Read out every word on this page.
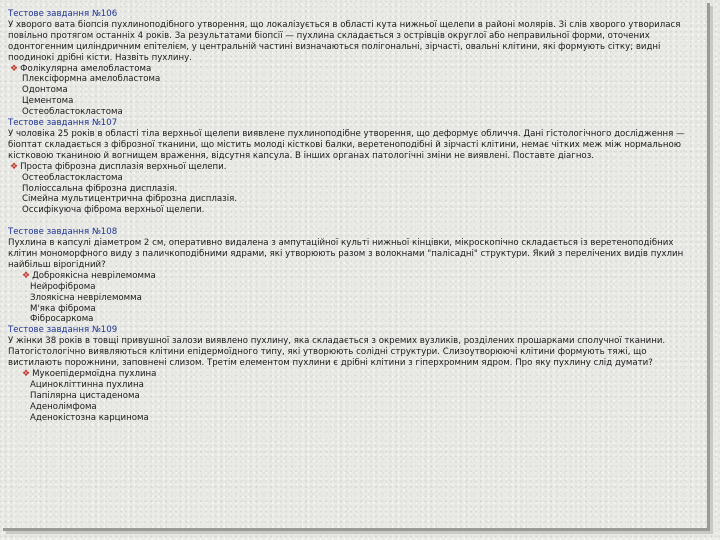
Тестове завдання №106

У хворого вата біопсія пухлиноподібного утворення, що локалізується в області кута нижньої щелепи в районі молярів. Зі слів хворого утворилася повільно протягом останніх 4 років. За результатами біопсії — пухлина складається з острівців округлої або неправильної форми, оточених одонтогенним циліндричним епітелієм, у центральній частині визначаються полігональні, зірчасті, овальні клітини, які формують сітку; видні поодинокі дрібні кісти. Назвіть пухлину.

❖ Фолікулярна амелобластома
Плексіформна амелобластома
Одонтома
Цементома
Остеобластокластома
Тестове завдання №107

У чоловіка 25 років в області тіла верхньої щелепи виявлене пухлиноподібне утворення, що деформує обличчя. Дані гістологічного дослідження — біоптат складається з фіброзної тканини, що містить молоді кісткові балки, веретеноподібні й зірчасті клітини, немає чітких меж між нормальною кістковою тканиною й вогнищем враження, відсутня капсула. В інших органах патологічні зміни не виявлені. Поставте діагноз.

❖ Проста фіброзна дисплазія верхньої щелепи.
Остеобластокластома
Поліоссальна фіброзна дисплазія.
Сімейна мультицентрична фіброзна дисплазія.
Оссифікуюча фіброма верхньої щелепи.
Тестове завдання №108

Пухлина в капсулі діаметром 2 см, оперативно видалена з ампутаційної культі нижньої кінцівки, мікроскопічно складається із веретеноподібних клітин мономорфного виду з паличкоподібними ядрами, які утворюють разом з волокнами "палісадні" структури. Який з перелічених видів пухлин найбільш вірогідний?

❖ Доброякісна неврілемомма
Нейрофіброма
Злоякісна неврілемомма
М'яка фіброма
Фібросаркома
Тестове завдання №109

У жінки 38 років в товщі привушної залози виявлено пухлину, яка складається з окремих вузликів, розділених прошарками сполучної тканини. Патогістологічно виявляються клітини епідермоїдного типу, які утворюють солідні структури. Слизоутворюючі клітини формують тяжі, що вистилають порожнини, заповнені слизом. Третім елементом пухлини є дрібні клітини з гіперхромним ядром. Про яку пухлину слід думати?

❖ Мукоепідермоїдна пухлина
Ацинокліттинна пухлина
Папілярна цистаденома
Аденолімфома
Аденокістозна карцинома
